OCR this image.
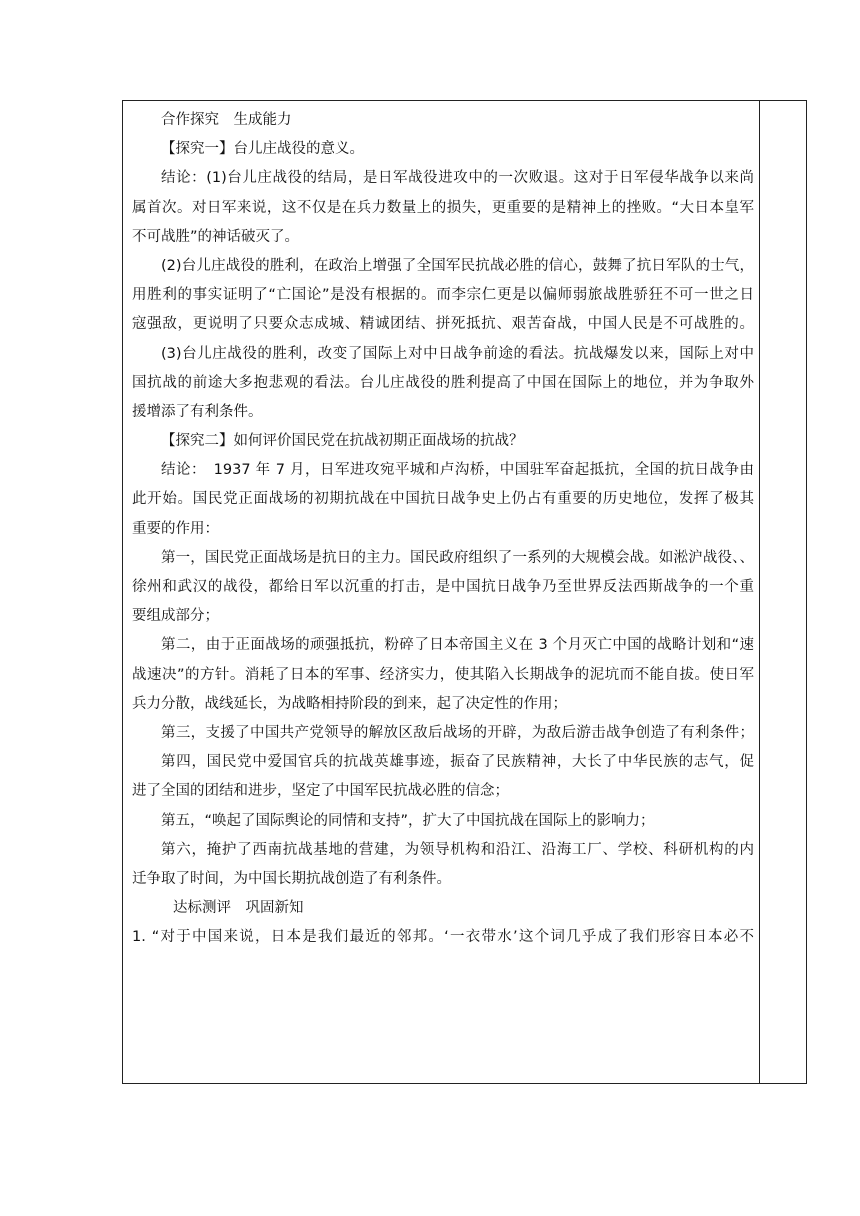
合作探究　生成能力
【探究一】台儿庄战役的意义。
结论：(1)台儿庄战役的结局，是日军战役进攻中的一次败退。这对于日军侵华战争以来尚
属首次。对日军来说，这不仅是在兵力数量上的损失，更重要的是精神上的挫败。“大日本皇军
不可战胜”的神话破灭了。
(2)台儿庄战役的胜利，在政治上增强了全国军民抗战必胜的信心，鼓舞了抗日军队的士气，
用胜利的事实证明了“亡国论”是没有根据的。而李宗仁更是以偏师弱旅战胜骄狂不可一世之日
寇强敌，更说明了只要众志成城、精诚团结、拼死抵抗、艰苦奋战，中国人民是不可战胜的。
(3)台儿庄战役的胜利，改变了国际上对中日战争前途的看法。抗战爆发以来，国际上对中
国抗战的前途大多抱悲观的看法。台儿庄战役的胜利提高了中国在国际上的地位，并为争取外
援增添了有利条件。
【探究二】如何评价国民党在抗战初期正面战场的抗战？
结论：　1937 年 7 月，日军进攻宛平城和卢沟桥，中国驻军奋起抵抗，全国的抗日战争由
此开始。国民党正面战场的初期抗战在中国抗日战争史上仍占有重要的历史地位，发挥了极其
重要的作用：
第一，国民党正面战场是抗日的主力。国民政府组织了一系列的大规模会战。如淞沪战役、、
徐州和武汉的战役，都给日军以沉重的打击，是中国抗日战争乃至世界反法西斯战争的一个重
要组成部分；
第二，由于正面战场的顽强抵抗，粉碎了日本帝国主义在 3 个月灭亡中国的战略计划和“速
战速决”的方针。消耗了日本的军事、经济实力，使其陷入长期战争的泥坑而不能自拔。使日军
兵力分散，战线延长，为战略相持阶段的到来，起了决定性的作用；
第三，支援了中国共产党领导的解放区敌后战场的开辟，为敌后游击战争创造了有利条件；
第四，国民党中爱国官兵的抗战英雄事迹，振奋了民族精神，大长了中华民族的志气，促
进了全国的团结和进步，坚定了中国军民抗战必胜的信念；
第五，“唤起了国际舆论的同情和支持”，扩大了中国抗战在国际上的影响力；
第六，掩护了西南抗战基地的营建，为领导机构和沿江、沿海工厂、学校、科研机构的内
迁争取了时间，为中国长期抗战创造了有利条件。
达标测评　巩固新知
1. “对于中国来说，日本是我们最近的邻邦。‘一衣带水’这个词几乎成了我们形容日本必不
